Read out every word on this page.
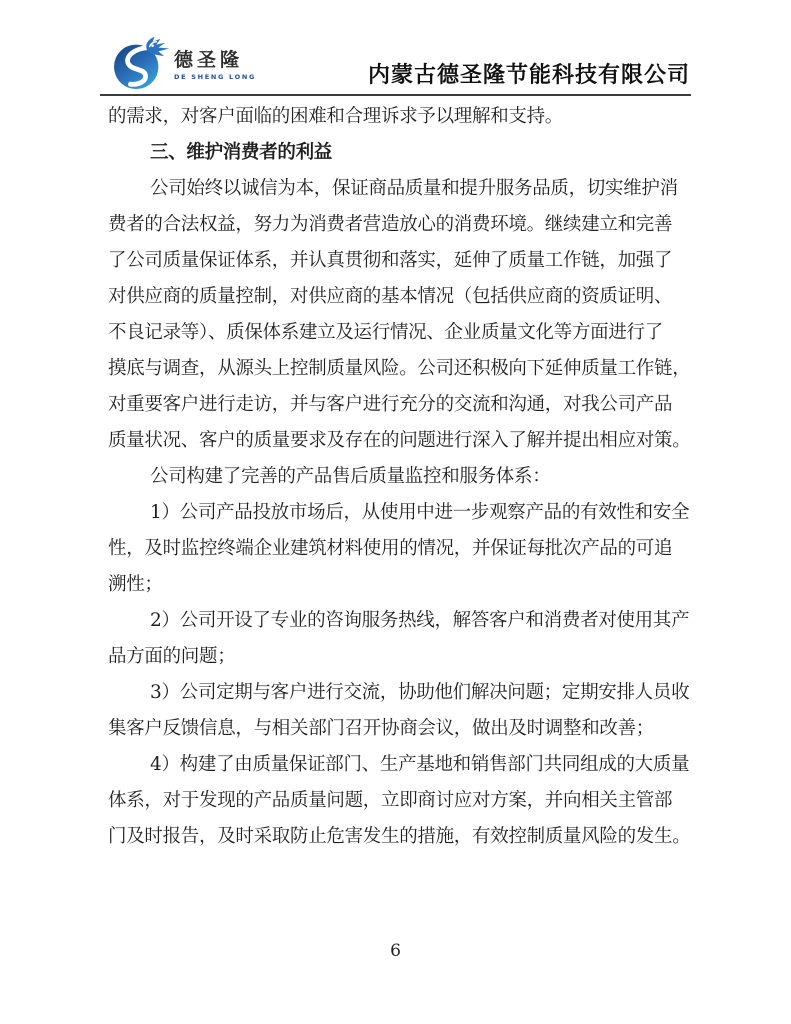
德圣隆
DE SHENG LONG	内蒙古德圣隆节能科技有限公司
的需求，对客户面临的困难和合理诉求予以理解和支持。
三、维护消费者的利益
公司始终以诚信为本，保证商品质量和提升服务品质，切实维护消
费者的合法权益，努力为消费者营造放心的消费环境。继续建立和完善
了公司质量保证体系，并认真贯彻和落实，延伸了质量工作链，加强了
对供应商的质量控制，对供应商的基本情况（包括供应商的资质证明、
不良记录等）、质保体系建立及运行情况、企业质量文化等方面进行了
摸底与调查，从源头上控制质量风险。公司还积极向下延伸质量工作链，
对重要客户进行走访，并与客户进行充分的交流和沟通，对我公司产品
质量状况、客户的质量要求及存在的问题进行深入了解并提出相应对策。
公司构建了完善的产品售后质量监控和服务体系：
1）公司产品投放市场后，从使用中进一步观察产品的有效性和安全
性，及时监控终端企业建筑材料使用的情况，并保证每批次产品的可追
溯性；
2）公司开设了专业的咨询服务热线，解答客户和消费者对使用其产
品方面的问题；
3）公司定期与客户进行交流，协助他们解决问题；定期安排人员收
集客户反馈信息，与相关部门召开协商会议，做出及时调整和改善；
4）构建了由质量保证部门、生产基地和销售部门共同组成的大质量
体系，对于发现的产品质量问题，立即商讨应对方案，并向相关主管部
门及时报告，及时采取防止危害发生的措施，有效控制质量风险的发生。
6
